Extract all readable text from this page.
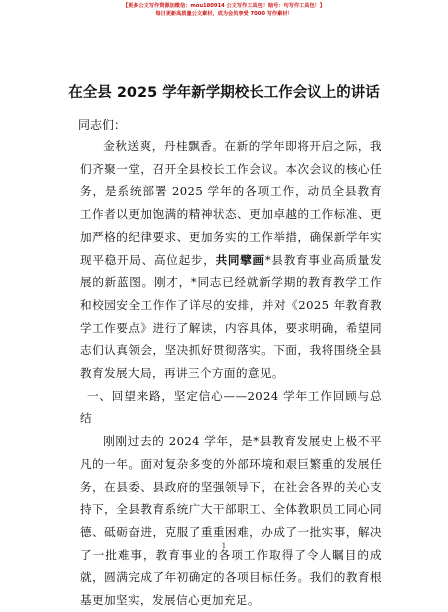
【更多公文写作资源加微信：mou180914 公文写作工具包！暗号：句写作工具包！】
每日更新高质量公文素材，成为会员享受 7000 写作素材！
在全县 2025 学年新学期校长工作会议上的讲话
同志们：

金秋送爽，丹桂飘香。在新的学年即将开启之际，我们齐聚一堂，召开全县校长工作会议。本次会议的核心任务，是系统部署 2025 学年的各项工作，动员全县教育工作者以更加饱满的精神状态、更加卓越的工作标准、更加严格的纪律要求、更加务实的工作举措，确保新学年实现平稳开局、高位起步，共同擘画*县教育事业高质量发展的新蓝图。刚才，*同志已经就新学期的教育教学工作和校园安全工作作了详尽的安排，并对《2025 年教育教学工作要点》进行了解读，内容具体，要求明确，希望同志们认真领会，坚决抓好贯彻落实。下面，我将围绕全县教育发展大局，再讲三个方面的意见。

一、回望来路，坚定信心——2024 学年工作回顾与总结

刚刚过去的 2024 学年，是*县教育发展史上极不平凡的一年。面对复杂多变的外部环境和艰巨繁重的发展任务，在县委、县政府的坚强领导下，在社会各界的关心支持下，全县教育系统广大干部职工、全体教职员工同心同德、砥砺奋进，克服了重重困难，办成了一批实事，解决了一批难事，教育事业的各项工作取得了令人瞩目的成就，圆满完成了年初确定的各项目标任务。我们的教育根基更加坚实，发展信心更加充足。

1
